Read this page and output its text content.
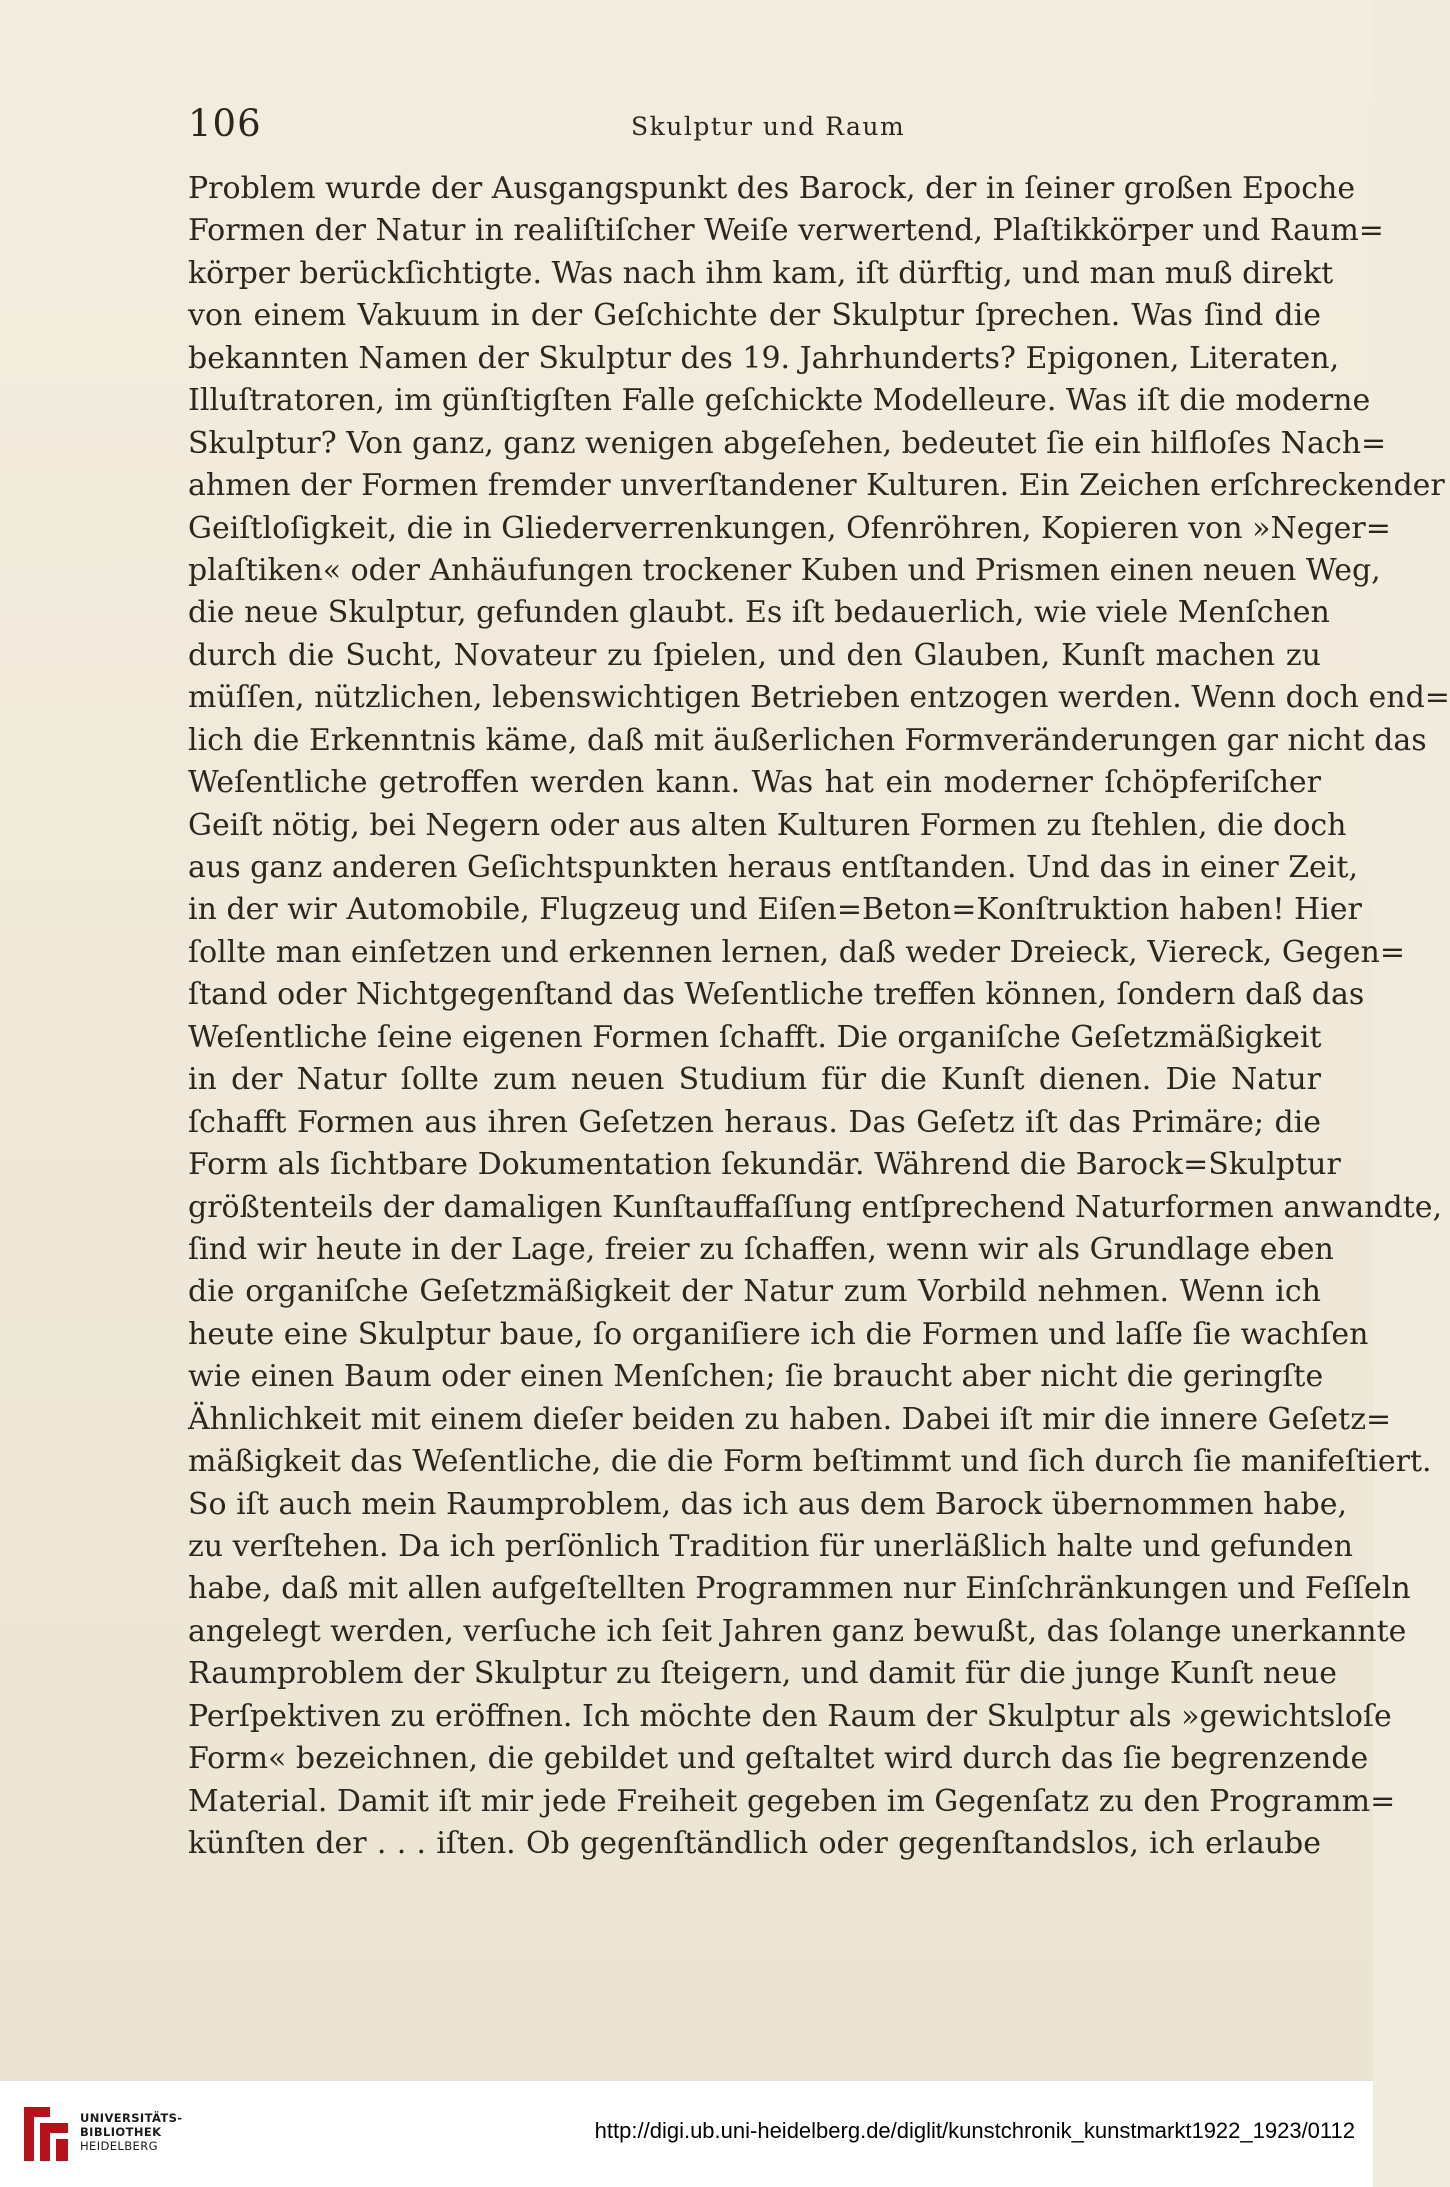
106	Skulptur und Raum
Problem wurde der Ausgangspunkt des Barock, der in ſeiner großen Epoche
Formen der Natur in realiſtiſcher Weiſe verwertend, Plaſtikkörper und Raum=
körper berückſichtigte. Was nach ihm kam, iſt dürftig, und man muß direkt
von einem Vakuum in der Geſchichte der Skulptur ſprechen. Was ſind die
bekannten Namen der Skulptur des 19. Jahrhunderts? Epigonen, Literaten,
Illuſtratoren, im günſtigſten Falle geſchickte Modelleure. Was iſt die moderne
Skulptur? Von ganz, ganz wenigen abgeſehen, bedeutet ſie ein hilfloſes Nach=
ahmen der Formen fremder unverſtandener Kulturen. Ein Zeichen erſchreckender
Geiſtloſigkeit, die in Gliederverrenkungen, Ofenröhren, Kopieren von »Neger=
plaſtiken« oder Anhäufungen trockener Kuben und Prismen einen neuen Weg,
die neue Skulptur, gefunden glaubt. Es iſt bedauerlich, wie viele Menſchen
durch die Sucht, Novateur zu ſpielen, und den Glauben, Kunſt machen zu
müſſen, nützlichen, lebenswichtigen Betrieben entzogen werden. Wenn doch end=
lich die Erkenntnis käme, daß mit äußerlichen Formveränderungen gar nicht das
Weſentliche getroffen werden kann. Was hat ein moderner ſchöpferiſcher
Geiſt nötig, bei Negern oder aus alten Kulturen Formen zu ſtehlen, die doch
aus ganz anderen Geſichtspunkten heraus entſtanden. Und das in einer Zeit,
in der wir Automobile, Flugzeug und Eiſen=Beton=Konſtruktion haben! Hier
ſollte man einſetzen und erkennen lernen, daß weder Dreieck, Viereck, Gegen=
ſtand oder Nichtgegenſtand das Weſentliche treffen können, ſondern daß das
Weſentliche ſeine eigenen Formen ſchafft. Die organiſche Geſetzmäßigkeit
in der Natur ſollte zum neuen Studium für die Kunſt dienen. Die Natur
ſchafft Formen aus ihren Geſetzen heraus. Das Geſetz iſt das Primäre; die
Form als ſichtbare Dokumentation ſekundär. Während die Barock=Skulptur
größtenteils der damaligen Kunſtauffaſſung entſprechend Naturformen anwandte,
ſind wir heute in der Lage, freier zu ſchaffen, wenn wir als Grundlage eben
die organiſche Geſetzmäßigkeit der Natur zum Vorbild nehmen. Wenn ich
heute eine Skulptur baue, ſo organiſiere ich die Formen und laſſe ſie wachſen
wie einen Baum oder einen Menſchen; ſie braucht aber nicht die geringſte
Ähnlichkeit mit einem dieſer beiden zu haben. Dabei iſt mir die innere Geſetz=
mäßigkeit das Weſentliche, die die Form beſtimmt und ſich durch ſie manifeſtiert.
So iſt auch mein Raumproblem, das ich aus dem Barock übernommen habe,
zu verſtehen. Da ich perſönlich Tradition für unerläßlich halte und gefunden
habe, daß mit allen aufgeſtellten Programmen nur Einſchränkungen und Feſſeln
angelegt werden, verſuche ich ſeit Jahren ganz bewußt, das ſolange unerkannte
Raumproblem der Skulptur zu ſteigern, und damit für die junge Kunſt neue
Perſpektiven zu eröffnen. Ich möchte den Raum der Skulptur als »gewichtsloſe
Form« bezeichnen, die gebildet und geſtaltet wird durch das ſie begrenzende
Material. Damit iſt mir jede Freiheit gegeben im Gegenſatz zu den Programm=
künſten der . . . iſten. Ob gegenſtändlich oder gegenſtandslos, ich erlaube
UNIVERSITÄTS-
BIBLIOTHEK
HEIDELBERG
http://digi.ub.uni-heidelberg.de/diglit/kunstchronik_kunstmarkt1922_1923/0112
